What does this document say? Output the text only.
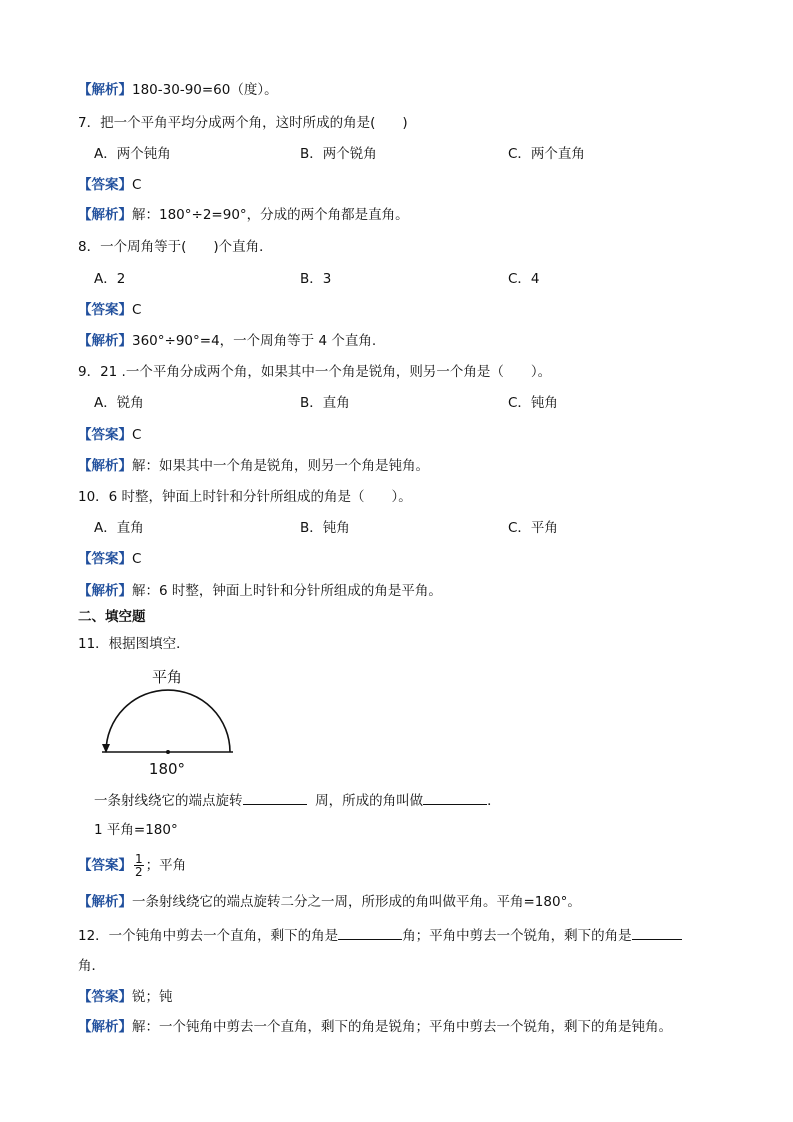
【解析】180-30-90=60（度）。
7．把一个平角平均分成两个角，这时所成的角是(　　)
A．两个钝角	B．两个锐角	C．两个直角
【答案】C
【解析】解：180°÷2=90°，分成的两个角都是直角。
8．一个周角等于(　　)个直角．
A．2	B．3	C．4
【答案】C
【解析】360°÷90°=4，一个周角等于 4 个直角.
9．21 .一个平角分成两个角，如果其中一个角是锐角，则另一个角是（　　）。
A．锐角	B．直角	C．钝角
【答案】C
【解析】解：如果其中一个角是锐角，则另一个角是钝角。
10．6 时整，钟面上时针和分针所组成的角是（　　）。
A．直角	B．钝角	C．平角
【答案】C
【解析】解：6 时整，钟面上时针和分针所组成的角是平角。
二、填空题
11．根据图填空．
平角
180°
一条射线绕它的端点旋转	周，所成的角叫做	．
1 平角=180°
【答案】 $\frac{1}{2}$ ；平角
【解析】一条射线绕它的端点旋转二分之一周，所形成的角叫做平角。平角=180°。
12．一个钝角中剪去一个直角，剩下的角是	角；平角中剪去一个锐角，剩下的角是
角．
【答案】锐；钝
【解析】解：一个钝角中剪去一个直角，剩下的角是锐角；平角中剪去一个锐角，剩下的角是钝角。
